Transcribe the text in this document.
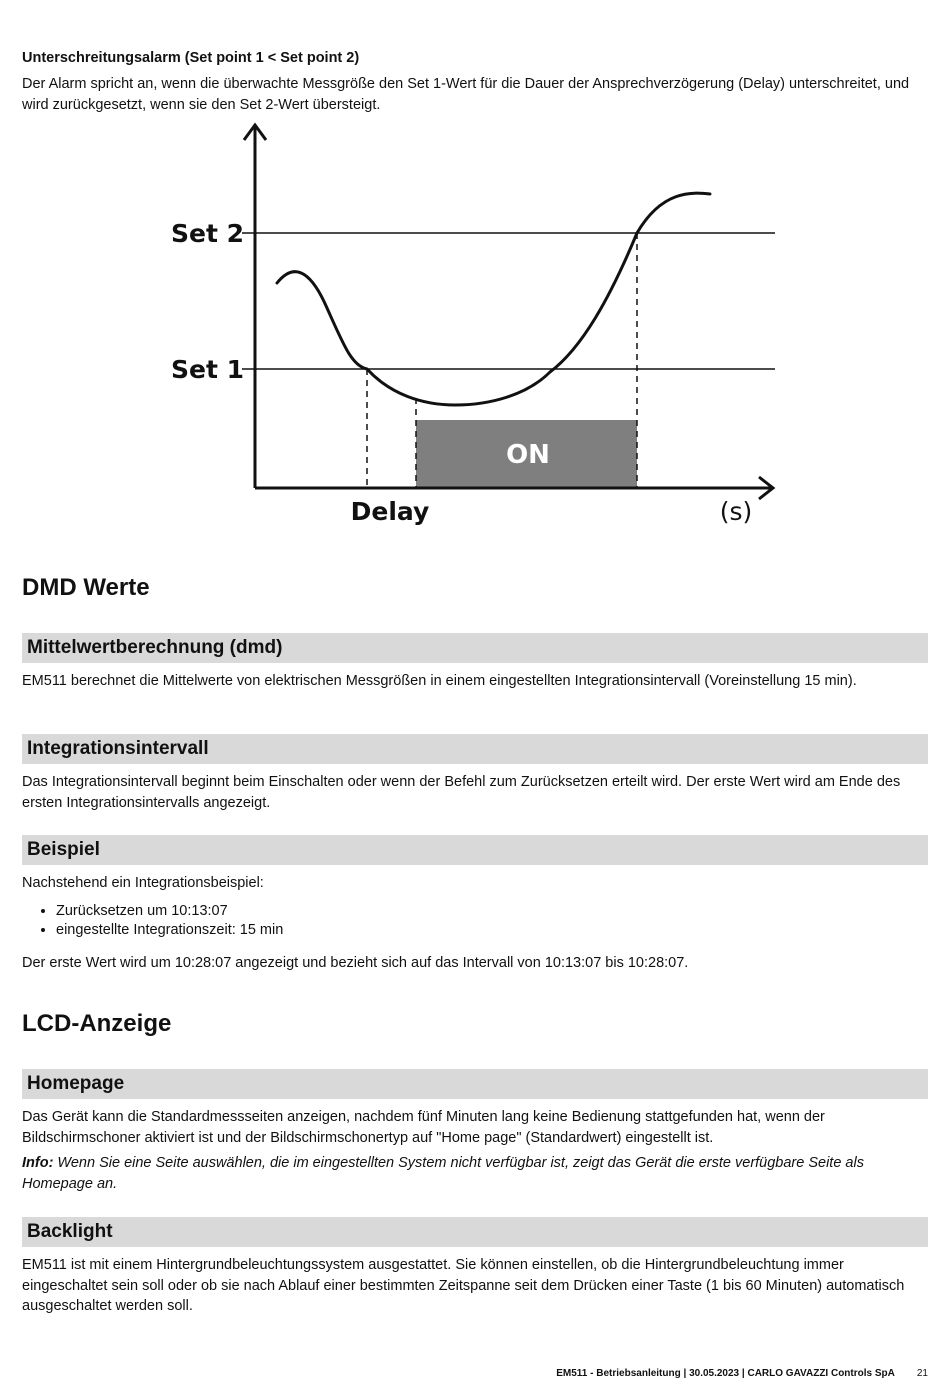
Unterschreitungsalarm (Set point 1 < Set point 2)
Der Alarm spricht an, wenn die überwachte Messgröße den Set 1-Wert für die Dauer der Ansprechverzögerung (Delay) unterschreitet, und wird zurückgesetzt, wenn sie den Set 2-Wert übersteigt.
ON
Set 2
Set 1
Delay	(s)
DMD Werte
Mittelwertberechnung (dmd)
EM511 berechnet die Mittelwerte von elektrischen Messgrößen in einem eingestellten Integrationsintervall (Voreinstellung 15 min).
Integrationsintervall
Das Integrationsintervall beginnt beim Einschalten oder wenn der Befehl zum Zurücksetzen erteilt wird. Der erste Wert wird am Ende des ersten Integrationsintervalls angezeigt.
Beispiel
Nachstehend ein Integrationsbeispiel:
• Zurücksetzen um 10:13:07
• eingestellte Integrationszeit: 15 min
Der erste Wert wird um 10:28:07 angezeigt und bezieht sich auf das Intervall von 10:13:07 bis 10:28:07.
LCD-Anzeige
Homepage
Das Gerät kann die Standardmessseiten anzeigen, nachdem fünf Minuten lang keine Bedienung stattgefunden hat, wenn der Bildschirmschoner aktiviert ist und der Bildschirmschonertyp auf "Home page" (Standardwert) eingestellt ist.
Info: Wenn Sie eine Seite auswählen, die im eingestellten System nicht verfügbar ist, zeigt das Gerät die erste verfügbare Seite als Homepage an.
Backlight
EM511 ist mit einem Hintergrundbeleuchtungssystem ausgestattet. Sie können einstellen, ob die Hintergrundbeleuchtung immer eingeschaltet sein soll oder ob sie nach Ablauf einer bestimmten Zeitspanne seit dem Drücken einer Taste (1 bis 60 Minuten) automatisch ausgeschaltet werden soll.
EM511 - Betriebsanleitung | 30.05.2023 | CARLO GAVAZZI Controls SpA 21
